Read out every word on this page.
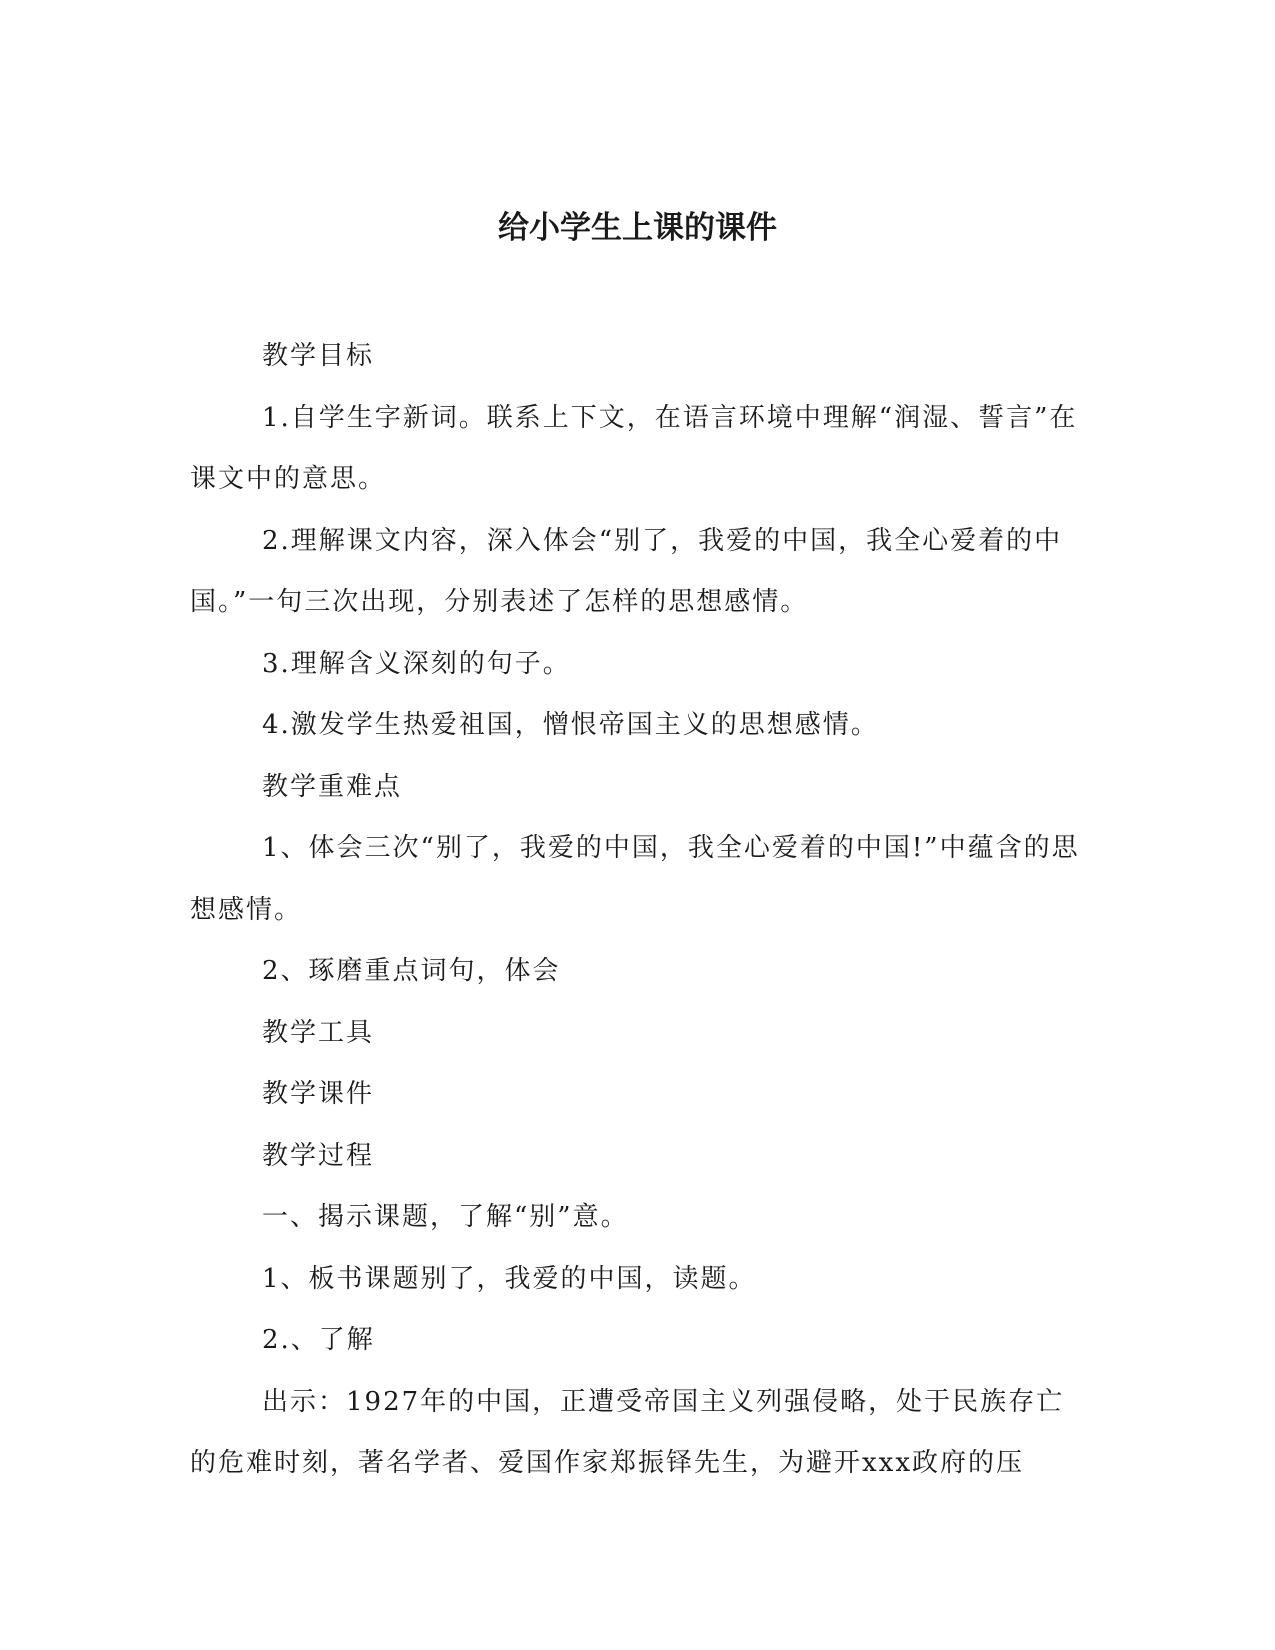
给小学生上课的课件

教学目标

1.自学生字新词。联系上下文，在语言环境中理解“润湿、誓言”在课文中的意思。

2.理解课文内容，深入体会“别了，我爱的中国，我全心爱着的中国。”一句三次出现，分别表述了怎样的思想感情。

3.理解含义深刻的句子。

4.激发学生热爱祖国，憎恨帝国主义的思想感情。

教学重难点

1、体会三次“别了，我爱的中国，我全心爱着的中国!”中蕴含的思想感情。

2、琢磨重点词句，体会

教学工具

教学课件

教学过程

一、揭示课题，了解“别”意。

1、板书课题别了，我爱的中国，读题。

2.、了解

出示：1927年的中国，正遭受帝国主义列强侵略，处于民族存亡的危难时刻，著名学者、爱国作家郑振铎先生，为避开xxx政府的压
